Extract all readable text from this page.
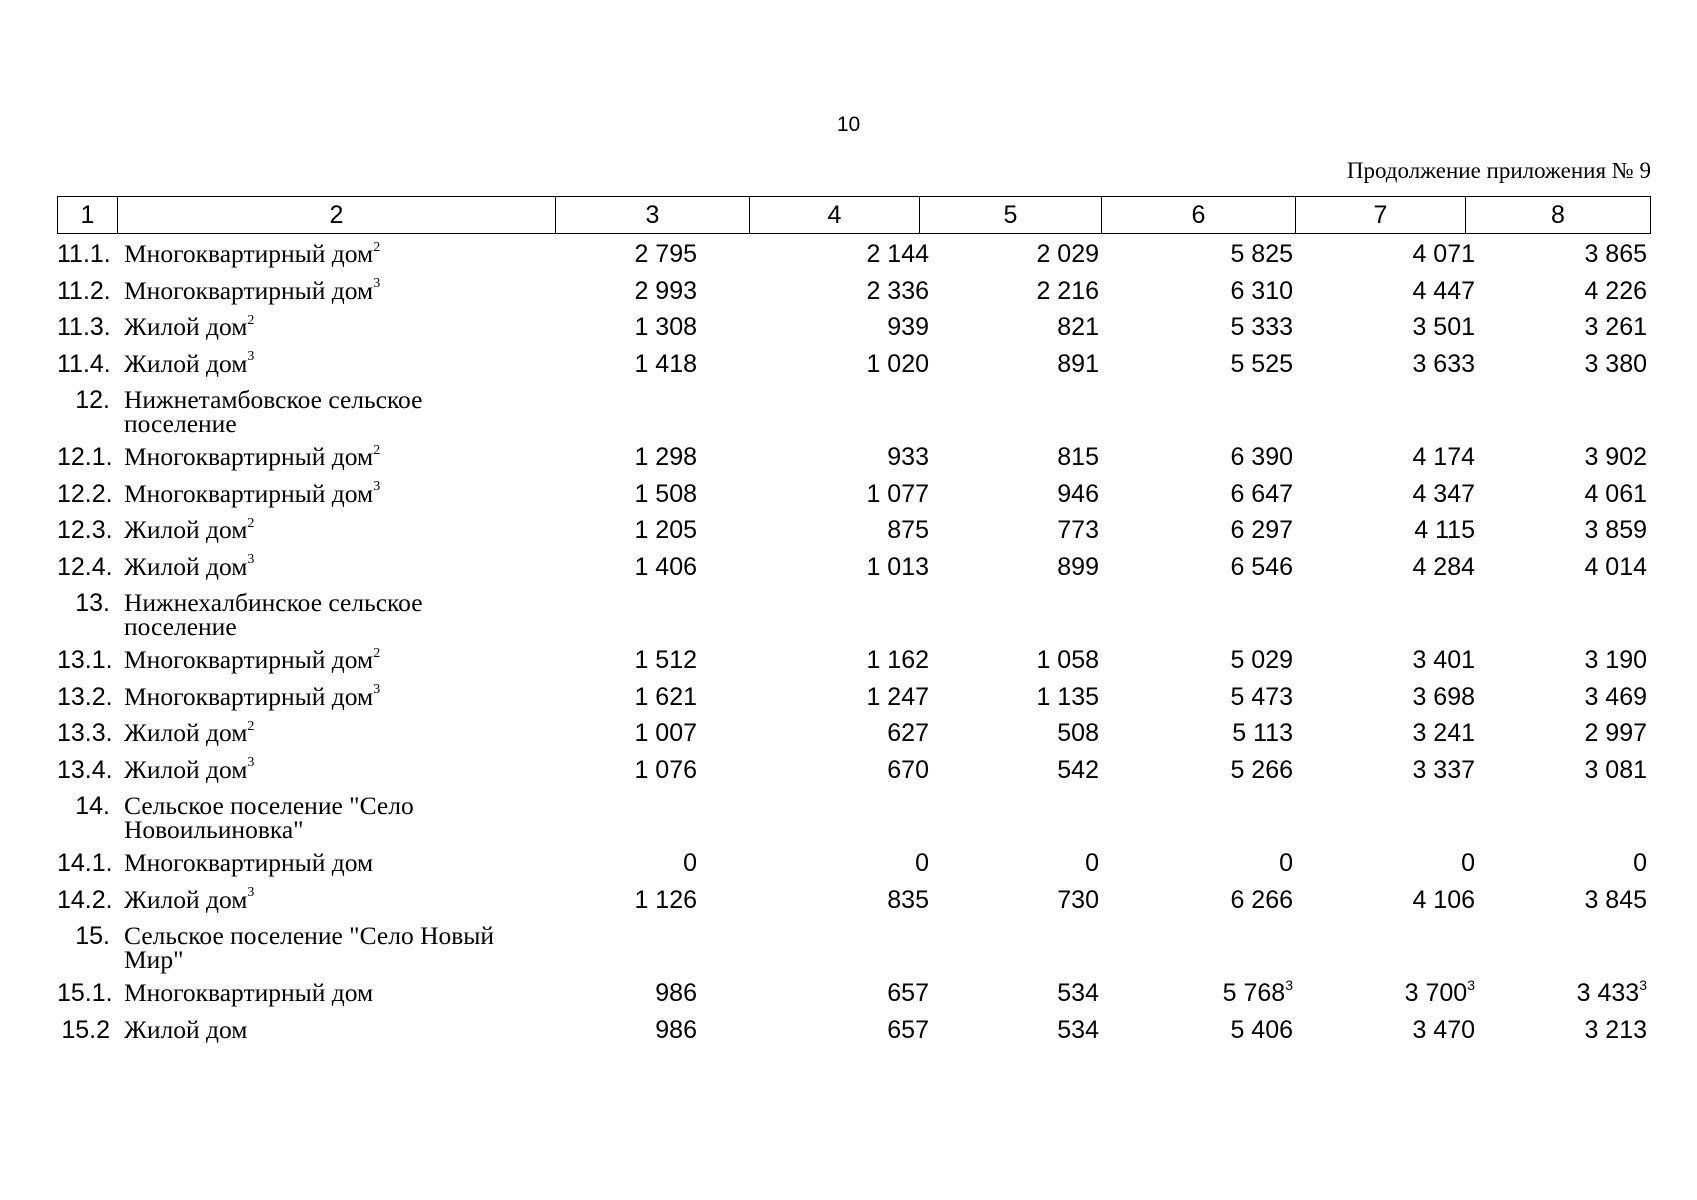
10
Продолжение приложения № 9
1	2	3	4	5	6	7	8
11.1. Многоквартирный дом$^2$	2 795	2 144	2 029	5 825	4 071	3 865
11.2. Многоквартирный дом$^3$	2 993	2 336	2 216	6 310	4 447	4 226
11.3. Жилой дом$^2$	1 308	939	821	5 333	3 501	3 261
11.4. Жилой дом$^3$	1 418	1 020	891	5 525	3 633	3 380
12. Нижнетамбовское сельское поселение
12.1. Многоквартирный дом$^2$	1 298	933	815	6 390	4 174	3 902
12.2. Многоквартирный дом$^3$	1 508	1 077	946	6 647	4 347	4 061
12.3. Жилой дом$^2$	1 205	875	773	6 297	4 115	3 859
12.4. Жилой дом$^3$	1 406	1 013	899	6 546	4 284	4 014
13. Нижнехалбинское сельское поселение
13.1. Многоквартирный дом$^2$	1 512	1 162	1 058	5 029	3 401	3 190
13.2. Многоквартирный дом$^3$	1 621	1 247	1 135	5 473	3 698	3 469
13.3. Жилой дом$^2$	1 007	627	508	5 113	3 241	2 997
13.4. Жилой дом$^3$	1 076	670	542	5 266	3 337	3 081
14. Сельское поселение "Село Новоильиновка"
14.1. Многоквартирный дом	0	0	0	0	0	0
14.2. Жилой дом$^3$	1 126	835	730	6 266	4 106	3 845
15. Сельское поселение "Село Новый Мир"
15.1. Многоквартирный дом	986	657	534	5 $768^3$	3 $700^3$	3 $433^3$
15.2 Жилой дом	986	657	534	5 406	3 470	3 213
